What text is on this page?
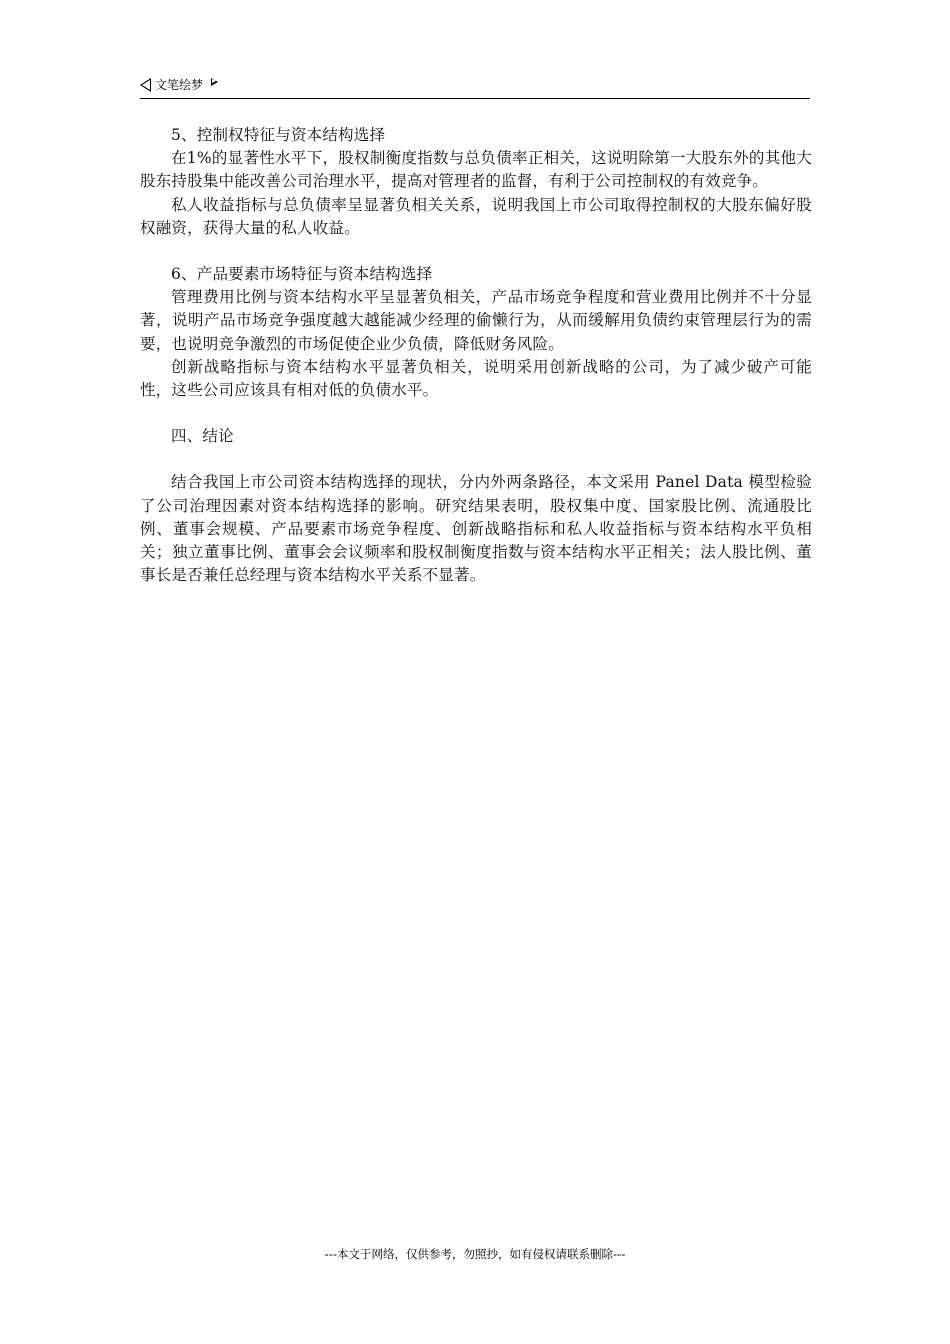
文笔绘梦

5、控制权特征与资本结构选择

在1%的显著性水平下，股权制衡度指数与总负债率正相关，这说明除第一大股东外的其他大股东持股集中能改善公司治理水平，提高对管理者的监督，有利于公司控制权的有效竞争。

私人收益指标与总负债率呈显著负相关关系，说明我国上市公司取得控制权的大股东偏好股权融资，获得大量的私人收益。

6、产品要素市场特征与资本结构选择

管理费用比例与资本结构水平呈显著负相关，产品市场竞争程度和营业费用比例并不十分显著，说明产品市场竞争强度越大越能减少经理的偷懒行为，从而缓解用负债约束管理层行为的需要，也说明竞争激烈的市场促使企业少负债，降低财务风险。

创新战略指标与资本结构水平显著负相关，说明采用创新战略的公司，为了减少破产可能性，这些公司应该具有相对低的负债水平。

四、结论

结合我国上市公司资本结构选择的现状，分内外两条路径，本文采用 Panel Data 模型检验了公司治理因素对资本结构选择的影响。研究结果表明，股权集中度、国家股比例、流通股比例、董事会规模、产品要素市场竞争程度、创新战略指标和私人收益指标与资本结构水平负相关；独立董事比例、董事会会议频率和股权制衡度指数与资本结构水平正相关；法人股比例、董事长是否兼任总经理与资本结构水平关系不显著。

---本文于网络，仅供参考，勿照抄，如有侵权请联系删除---
